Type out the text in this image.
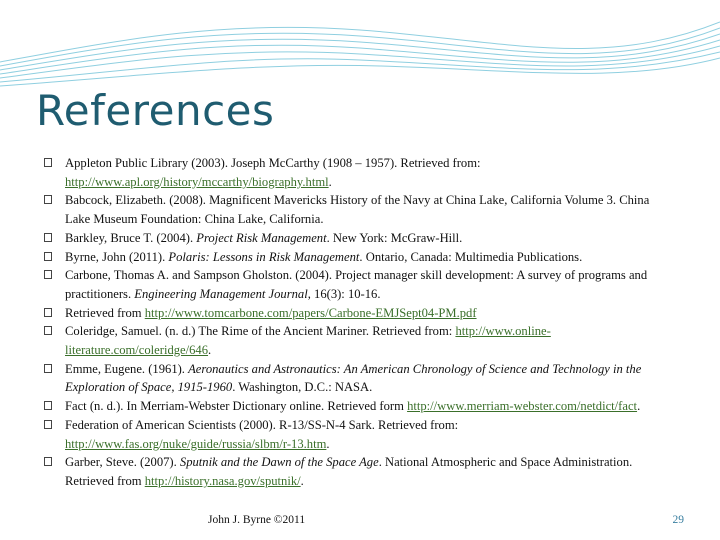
References
Appleton Public Library (2003). Joseph McCarthy (1908 – 1957). Retrieved from: http://www.apl.org/history/mccarthy/biography.html.
Babcock, Elizabeth. (2008). Magnificent Mavericks History of the Navy at China Lake, California Volume 3. China Lake Museum Foundation: China Lake, California.
Barkley, Bruce T. (2004). Project Risk Management. New York: McGraw-Hill.
Byrne, John (2011). Polaris: Lessons in Risk Management. Ontario, Canada: Multimedia Publications.
Carbone, Thomas A. and Sampson Gholston. (2004). Project manager skill development: A survey of programs and practitioners. Engineering Management Journal, 16(3): 10-16.
Retrieved from http://www.tomcarbone.com/papers/Carbone-EMJSept04-PM.pdf
Coleridge, Samuel. (n. d.) The Rime of the Ancient Mariner. Retrieved from: http://www.online-literature.com/coleridge/646.
Emme, Eugene. (1961). Aeronautics and Astronautics: An American Chronology of Science and Technology in the Exploration of Space, 1915-1960. Washington, D.C.: NASA.
Fact (n. d.). In Merriam-Webster Dictionary online. Retrieved form http://www.merriam-webster.com/netdict/fact.
Federation of American Scientists (2000). R-13/SS-N-4 Sark. Retrieved from: http://www.fas.org/nuke/guide/russia/slbm/r-13.htm.
Garber, Steve. (2007). Sputnik and the Dawn of the Space Age. National Atmospheric and Space Administration. Retrieved from http://history.nasa.gov/sputnik/.
John J. Byrne ©2011	29
